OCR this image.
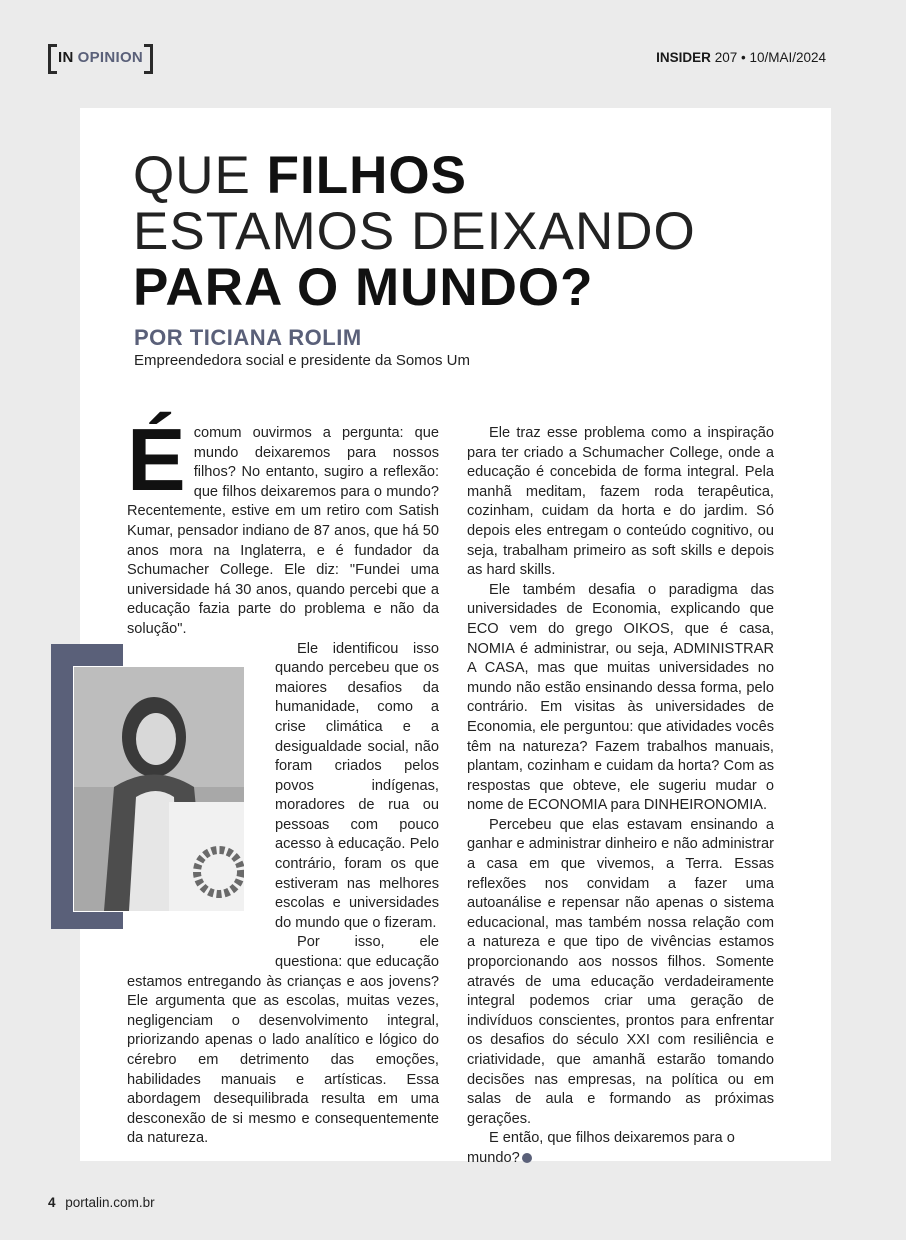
IN OPINION	INSIDER 207 • 10/MAI/2024
QUE FILHOS
ESTAMOS DEIXANDO
PARA O MUNDO?
POR TICIANA ROLIM
Empreendedora social e presidente da Somos Um
É comum ouvirmos a pergunta: que mundo deixaremos para nossos filhos? No entanto, sugiro a reflexão: que filhos deixaremos para o mundo? Recentemente, estive em um retiro com Satish Kumar, pensador indiano de 87 anos, que há 50 anos mora na Inglaterra, e é fundador da Schumacher College. Ele diz: "Fundei uma universidade há 30 anos, quando percebi que a educação fazia parte do problema e não da solução".

Ele identificou isso quando percebeu que os maiores desafios da humanidade, como a crise climática e a desigualdade social, não foram criados pelos povos indígenas, moradores de rua ou pessoas com pouco acesso à educação. Pelo contrário, foram os que estiveram nas melhores escolas e universidades do mundo que o fizeram.

Por isso, ele questiona: que educação estamos entregando às crianças e aos jovens? Ele argumenta que as escolas, muitas vezes, negligenciam o desenvolvimento integral, priorizando apenas o lado analítico e lógico do cérebro em detrimento das emoções, habilidades manuais e artísticas. Essa abordagem desequilibrada resulta em uma desconexão de si mesmo e consequentemente da natureza.

Ele traz esse problema como a inspiração para ter criado a Schumacher College, onde a educação é concebida de forma integral. Pela manhã meditam, fazem roda terapêutica, cozinham, cuidam da horta e do jardim. Só depois eles entregam o conteúdo cognitivo, ou seja, trabalham primeiro as soft skills e depois as hard skills.

Ele também desafia o paradigma das universidades de Economia, explicando que ECO vem do grego OIKOS, que é casa, NOMIA é administrar, ou seja, ADMINISTRAR A CASA, mas que muitas universidades no mundo não estão ensinando dessa forma, pelo contrário. Em visitas às universidades de Economia, ele perguntou: que atividades vocês têm na natureza? Fazem trabalhos manuais, plantam, cozinham e cuidam da horta? Com as respostas que obteve, ele sugeriu mudar o nome de ECONOMIA para DINHEIRONOMIA.

Percebeu que elas estavam ensinando a ganhar e administrar dinheiro e não administrar a casa em que vivemos, a Terra. Essas reflexões nos convidam a fazer uma autoanálise e repensar não apenas o sistema educacional, mas também nossa relação com a natureza e que tipo de vivências estamos proporcionando aos nossos filhos. Somente através de uma educação verdadeiramente integral podemos criar uma geração de indivíduos conscientes, prontos para enfrentar os desafios do século XXI com resiliência e criatividade, que amanhã estarão tomando decisões nas empresas, na política ou em salas de aula e formando as próximas gerações.

E então, que filhos deixaremos para o mundo?

4 portalin.com.br
